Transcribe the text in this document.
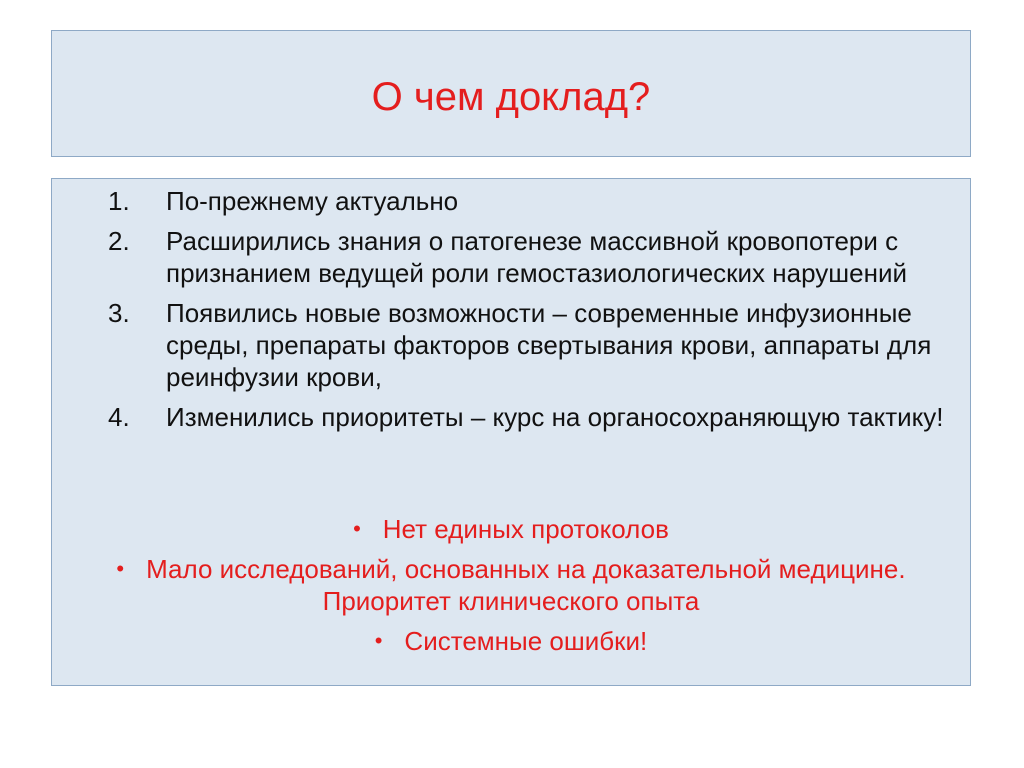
О чем доклад?
1. По-прежнему актуально
2. Расширились знания о патогенезе массивной кровопотери с признанием ведущей роли гемостазиологических нарушений
3. Появились новые возможности – современные инфузионные среды, препараты факторов свертывания крови, аппараты для реинфузии крови,
4. Изменились приоритеты – курс на органосохраняющую тактику!
• Нет единых протоколов
• Мало исследований, основанных на доказательной медицине. Приоритет клинического опыта
• Системные ошибки!
